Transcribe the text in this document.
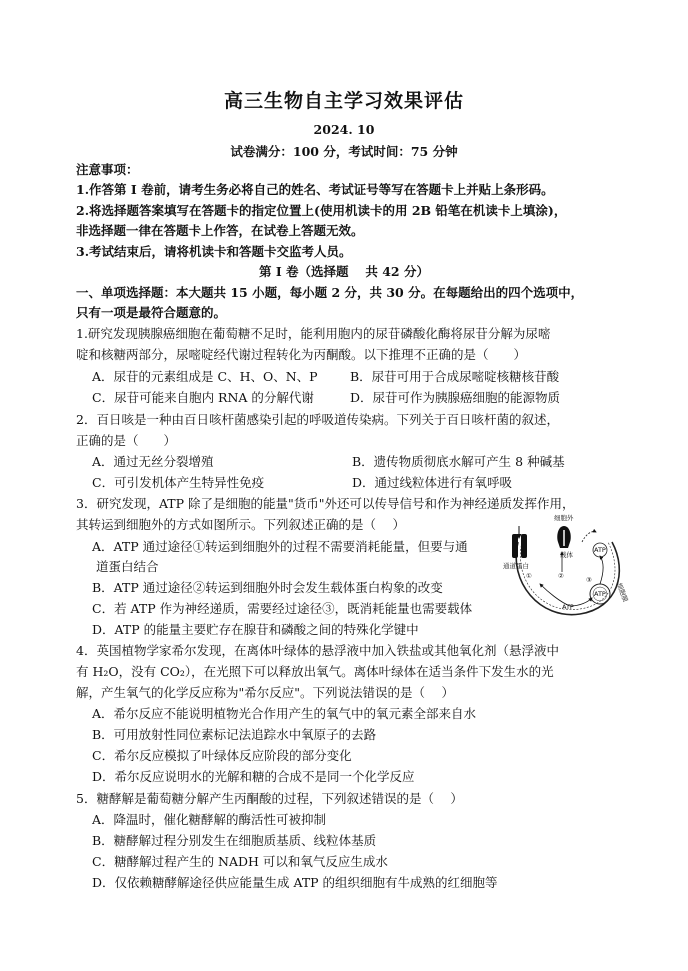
高三生物自主学习效果评估
2024. 10
试卷满分：100 分，考试时间：75 分钟
注意事项：
1.作答第 I 卷前，请考生务必将自己的姓名、考试证号等写在答题卡上并贴上条形码。
2.将选择题答案填写在答题卡的指定位置上(使用机读卡的用 2B 铅笔在机读卡上填涂)，
非选择题一律在答题卡上作答，在试卷上答题无效。
3.考试结束后，请将机读卡和答题卡交监考人员。
第 I 卷（选择题　 共 42 分）
一、单项选择题：本大题共 15 小题，每小题 2 分，共 30 分。在每题给出的四个选项中，
只有一项是最符合题意的。
1.研究发现胰腺癌细胞在葡萄糖不足时，能利用胞内的尿苷磷酸化酶将尿苷分解为尿嘧
啶和核糖两部分，尿嘧啶经代谢过程转化为丙酮酸。以下推理不正确的是（　　）
A．尿苷的元素组成是 C、H、O、N、P	B．尿苷可用于合成尿嘧啶核糖核苷酸
C．尿苷可能来自胞内 RNA 的分解代谢	D．尿苷可作为胰腺癌细胞的能源物质
2．百日咳是一种由百日咳杆菌感染引起的呼吸道传染病。下列关于百日咳杆菌的叙述，
正确的是（　　）
A．通过无丝分裂增殖	B．遗传物质彻底水解可产生 8 种碱基
C．可引发机体产生特异性免疫	D．通过线粒体进行有氧呼吸
3．研究发现，ATP 除了是细胞的能量"货币"外还可以传导信号和作为神经递质发挥作用，
其转运到细胞外的方式如图所示。下列叙述正确的是（　 ）
A．ATP 通过途径①转运到细胞外的过程不需要消耗能量，但要与通
道蛋白结合
B．ATP 通过途径②转运到细胞外时会发生载体蛋白构象的改变
C．若 ATP 作为神经递质，需要经过途径③，既消耗能量也需要载体
D．ATP 的能量主要贮存在腺苷和磷酸之间的特殊化学键中
细胞外
载体
通道蛋白
细胞膜
ATP
ATP
ATP
①	②	③
4．英国植物学家希尔发现，在离体叶绿体的悬浮液中加入铁盐或其他氧化剂（悬浮液中
有 H₂O，没有 CO₂），在光照下可以释放出氧气。离体叶绿体在适当条件下发生水的光
解，产生氧气的化学反应称为"希尔反应"。下列说法错误的是（　 ）
A．希尔反应不能说明植物光合作用产生的氧气中的氧元素全部来自水
B．可用放射性同位素标记法追踪水中氧原子的去路
C．希尔反应模拟了叶绿体反应阶段的部分变化
D．希尔反应说明水的光解和糖的合成不是同一个化学反应
5．糖酵解是葡萄糖分解产生丙酮酸的过程，下列叙述错误的是（　 ）
A．降温时，催化糖酵解的酶活性可被抑制
B．糖酵解过程分别发生在细胞质基质、线粒体基质
C．糖酵解过程产生的 NADH 可以和氧气反应生成水
D．仅依赖糖酵解途径供应能量生成 ATP 的组织细胞有牛成熟的红细胞等
